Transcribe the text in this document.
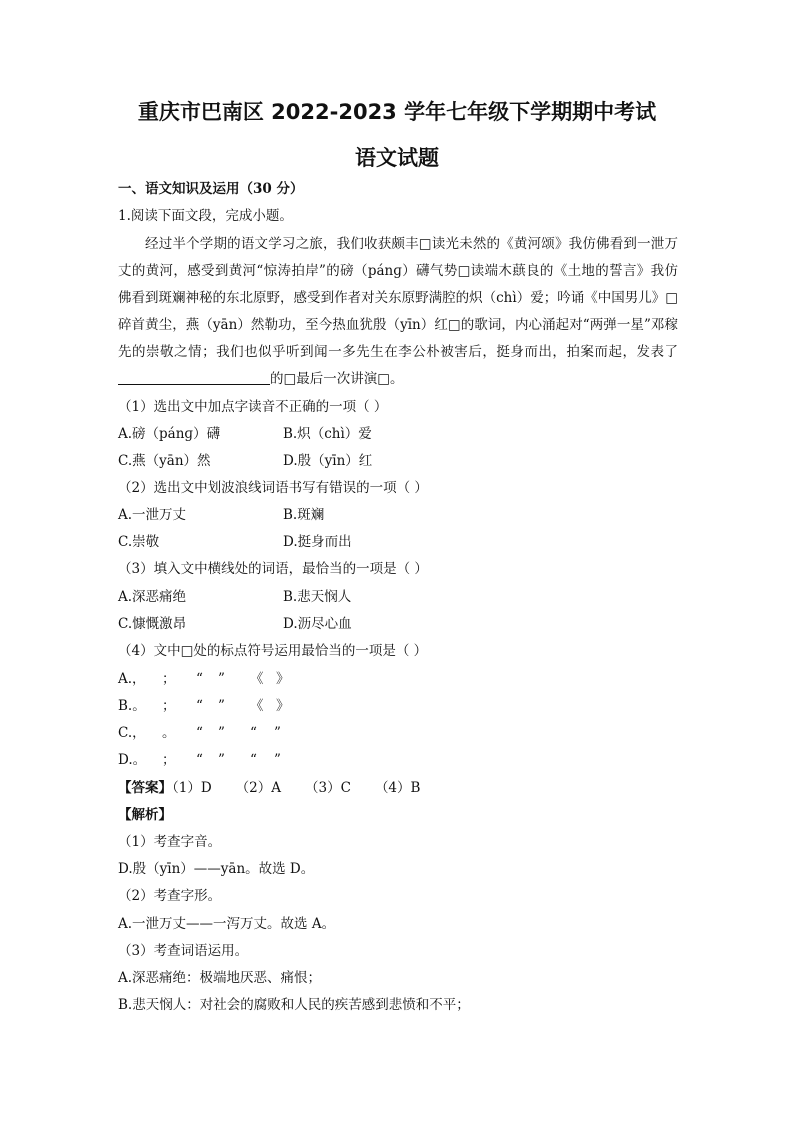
重庆市巴南区 2022-2023 学年七年级下学期期中考试
语文试题
一、语文知识及运用（30 分）
1.阅读下面文段，完成小题。
经过半个学期的语文学习之旅，我们收获颇丰□读光未然的《黄河颂》我仿佛看到一泄万丈的黄河，感受到黄河“惊涛拍岸”的磅（pánɡ）礴气势□读端木蕻良的《土地的誓言》我仿佛看到斑斓神秘的东北原野，感受到作者对关东原野满腔的炽（chì）爱；吟诵《中国男儿》□碎首黄尘，燕（yān）然勒功，至今热血犹殷（yīn）红□的歌词，内心涌起对“两弹一星”邓稼先的崇敬之情；我们也似乎听到闻一多先生在李公朴被害后，挺身而出，拍案而起，发表了的□最后一次讲演□。
（1）选出文中加点字读音不正确的一项（ ）
A.磅（pánɡ）礴	B.炽（chì）爱
C.燕（yān）然	D.殷（yīn）红
（2）选出文中划波浪线词语书写有错误的一项（ ）
A.一泄万丈	B.斑斓
C.崇敬	D.挺身而出
（3）填入文中横线处的词语，最恰当的一项是（ ）
A.深恶痛绝	B.悲天悯人
C.慷慨激昂	D.沥尽心血
（4）文中□处的标点符号运用最恰当的一项是（ ）
A.， ； “ ” 《 》
B.。 ； “ ” 《 》
C.， 。 “ ” “ ”
D.。 ； “ ” “ ”
【答案】（1）D （2）A （3）C （4）B
【解析】
（1）考查字音。
D.殷（yīn）——yān。故选 D。
（2）考查字形。
A.一泄万丈——一泻万丈。故选 A。
（3）考查词语运用。
A.深恶痛绝：极端地厌恶、痛恨；
B.悲天悯人：对社会的腐败和人民的疾苦感到悲愤和不平；
